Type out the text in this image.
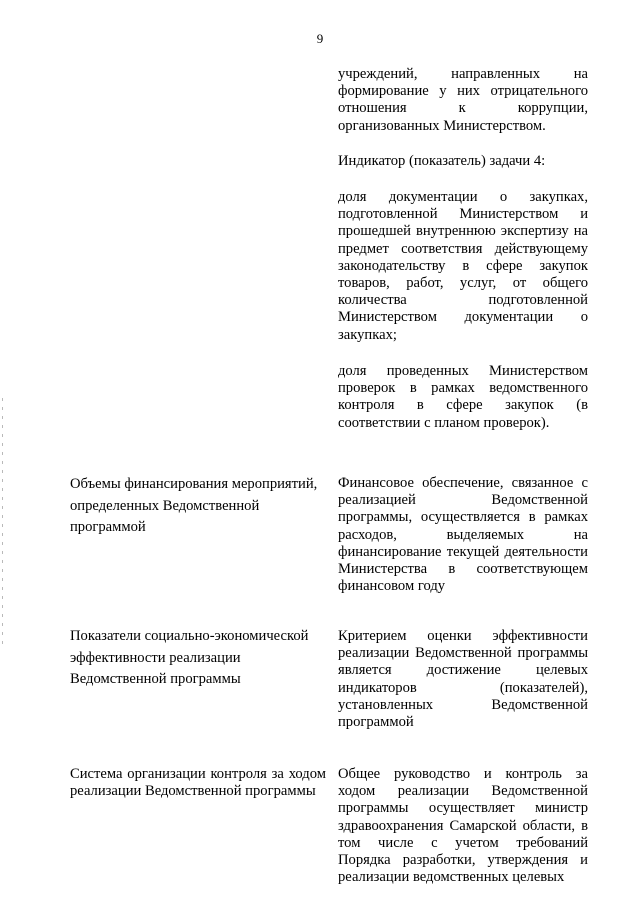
9
учреждений, направленных на формирование у них отрицательного отношения к коррупции, организованных Министерством.
Индикатор (показатель) задачи 4:
доля документации о закупках, подготовленной Министерством и прошедшей внутреннюю экспертизу на предмет соответствия действующему законодательству в сфере закупок товаров, работ, услуг, от общего количества подготовленной Министерством документации о закупках;
доля проведенных Министерством проверок в рамках ведомственного контроля в сфере закупок (в соответствии с планом проверок).
Объемы финансирования мероприятий, определенных Ведомственной программой
Финансовое обеспечение, связанное с реализацией Ведомственной программы, осуществляется в рамках расходов, выделяемых на финансирование текущей деятельности Министерства в соответствующем финансовом году
Показатели социально-экономической эффективности реализации Ведомственной программы
Критерием оценки эффективности реализации Ведомственной программы является достижение целевых индикаторов (показателей), установленных Ведомственной программой
Система организации контроля за ходом реализации Ведомственной программы
Общее руководство и контроль за ходом реализации Ведомственной программы осуществляет министр здравоохранения Самарской области, в том числе с учетом требований Порядка разработки, утверждения и реализации ведомственных целевых
